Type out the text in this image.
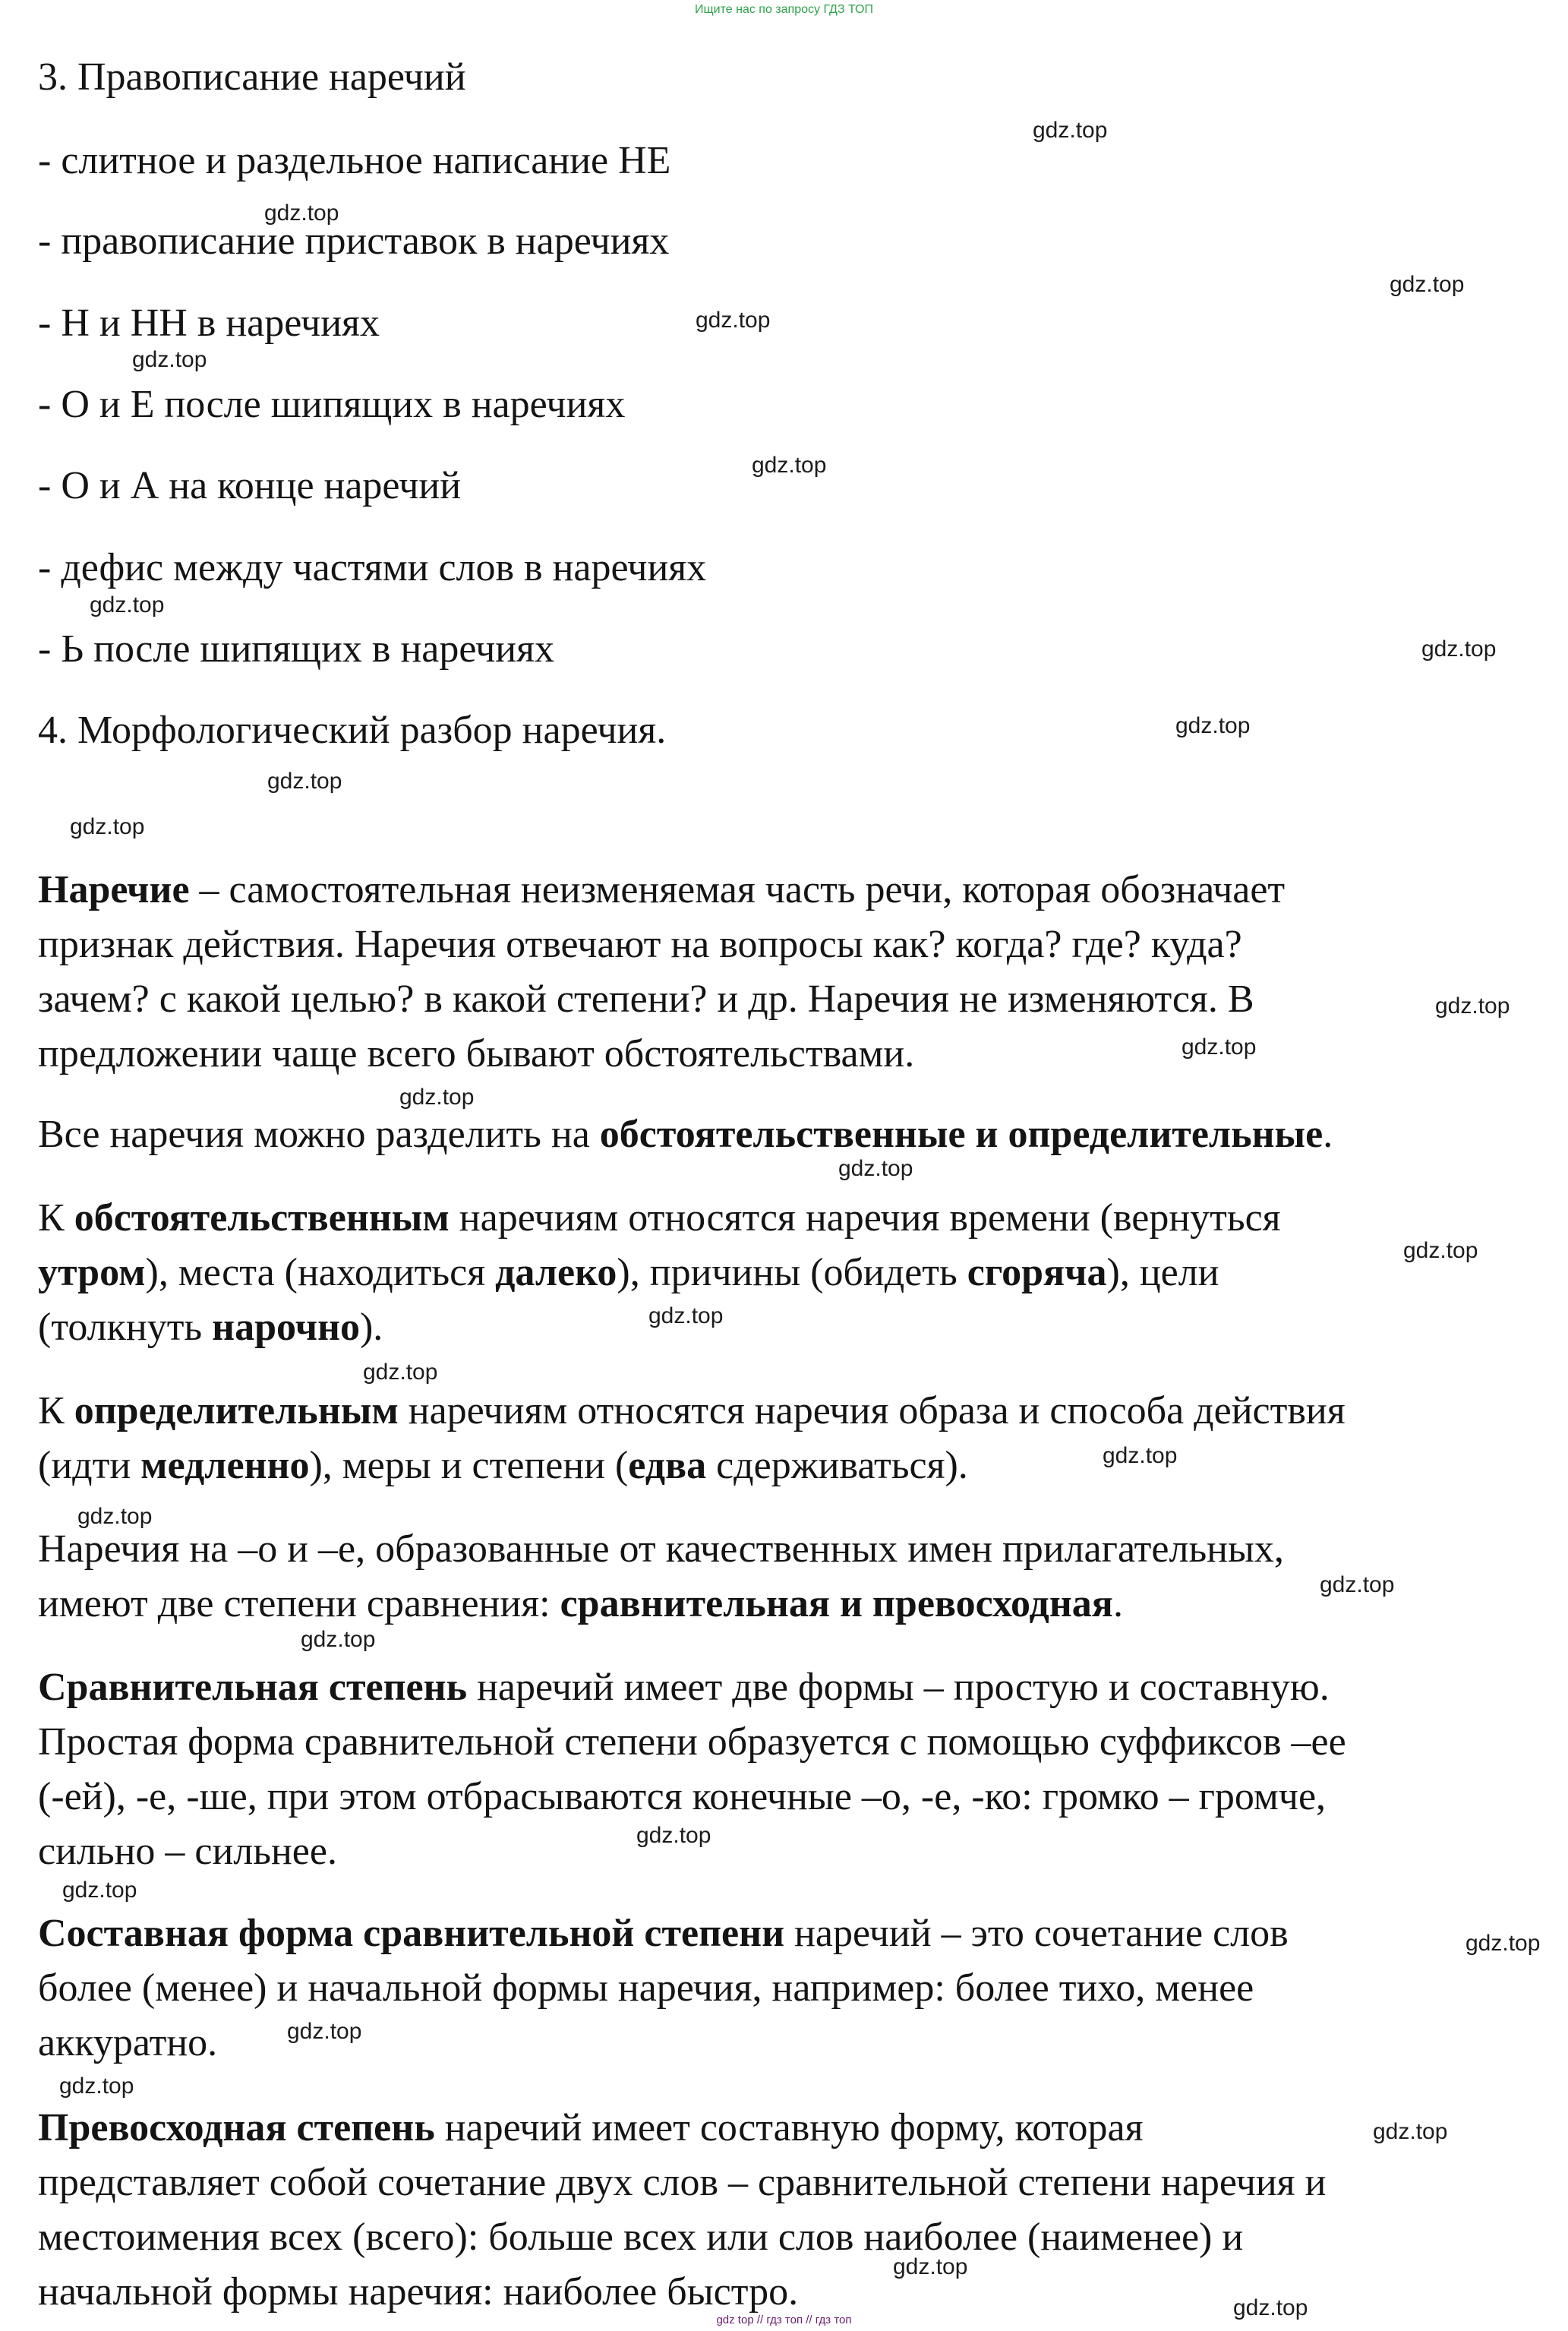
Ищите нас по запросу ГДЗ ТОП
3. Правописание наречий
- слитное и раздельное написание НЕ
- правописание приставок в наречиях
- Н и НН в наречиях
- О и Е после шипящих в наречиях
- О и А на конце наречий
- дефис между частями слов в наречиях
- Ь после шипящих в наречиях
4. Морфологический разбор наречия.
Наречие – самостоятельная неизменяемая часть речи, которая обозначает
признак действия. Наречия отвечают на вопросы как? когда? где? куда?
зачем? с какой целью? в какой степени? и др. Наречия не изменяются. В
предложении чаще всего бывают обстоятельствами.
Все наречия можно разделить на обстоятельственные и определительные.
К обстоятельственным наречиям относятся наречия времени (вернуться
утром), места (находиться далеко), причины (обидеть сгоряча), цели
(толкнуть нарочно).
К определительным наречиям относятся наречия образа и способа действия
(идти медленно), меры и степени (едва сдерживаться).
Наречия на –о и –е, образованные от качественных имен прилагательных,
имеют две степени сравнения: сравнительная и превосходная.
Сравнительная степень наречий имеет две формы – простую и составную.
Простая форма сравнительной степени образуется с помощью суффиксов –ее
(-ей), -е, -ше, при этом отбрасываются конечные –о, -е, -ко: громко – громче,
сильно – сильнее.
Составная форма сравнительной степени наречий – это сочетание слов
более (менее) и начальной формы наречия, например: более тихо, менее
аккуратно.
Превосходная степень наречий имеет составную форму, которая
представляет собой сочетание двух слов – сравнительной степени наречия и
местоимения всех (всего): больше всех или слов наиболее (наименее) и
начальной формы наречия: наиболее быстро.
gdz.top
gdz.top
gdz.top
gdz.top
gdz.top
gdz.top
gdz.top
gdz.top
gdz.top
gdz.top
gdz.top
gdz.top
gdz.top
gdz.top
gdz.top
gdz.top
gdz.top
gdz.top
gdz.top
gdz.top
gdz.top
gdz.top
gdz.top
gdz.top
gdz.top
gdz.top
gdz.top
gdz.top
gdz.top
gdz.top
gdz top // гдз топ // гдз топ
